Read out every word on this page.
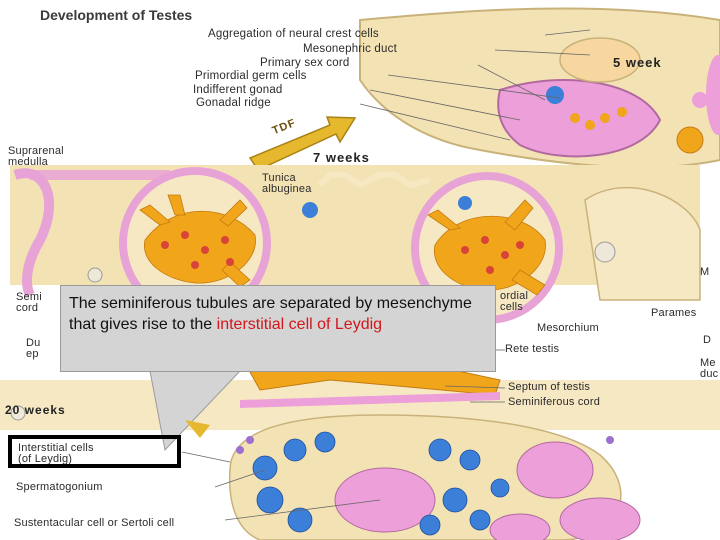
Development of Testes
Aggregation of neural crest cells
Mesonephric duct
Primary sex cord
Primordial germ cells
Indifferent gonad
Gonadal ridge
5 week
7 weeks
20 weeks
TDF
Suprarenal
medulla
Tunica
albuginea
Semi
cord
Du
ep
Interstitial cells
(of Leydig)
Spermatogonium
Sustentacular cell or Sertoli cell
ordial
cells
Mesorchium
Rete testis
Parames
Septum of testis
Seminiferous cord
M
D
Me
duc

The seminiferous tubules are separated by mesenchyme that gives rise to the interstitial cell of Leydig
